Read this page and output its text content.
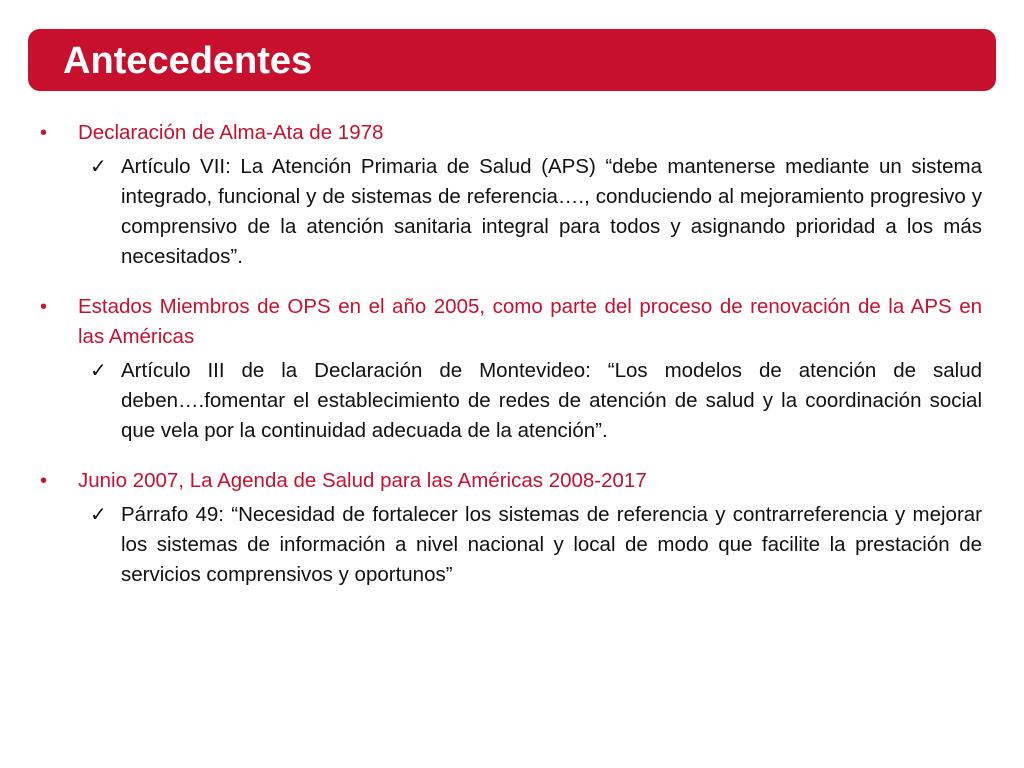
Antecedentes
•	Declaración de Alma-Ata de 1978
✓ Artículo VII: La Atención Primaria de Salud (APS) “debe mantenerse mediante un sistema integrado, funcional y de sistemas de referencia…., conduciendo al mejoramiento progresivo y comprensivo de la atención sanitaria integral para todos y asignando prioridad a los más necesitados”.
•	Estados Miembros de OPS en el año 2005, como parte del proceso de renovación de la APS en las Américas
✓ Artículo III de la Declaración de Montevideo: “Los modelos de atención de salud deben….fomentar el establecimiento de redes de atención de salud y la coordinación social que vela por la continuidad adecuada de la atención”.
•	Junio 2007, La Agenda de Salud para las Américas 2008-2017
✓ Párrafo 49: “Necesidad de fortalecer los sistemas de referencia y contrarreferencia y mejorar los sistemas de información a nivel nacional y local de modo que facilite la prestación de servicios comprensivos y oportunos”
